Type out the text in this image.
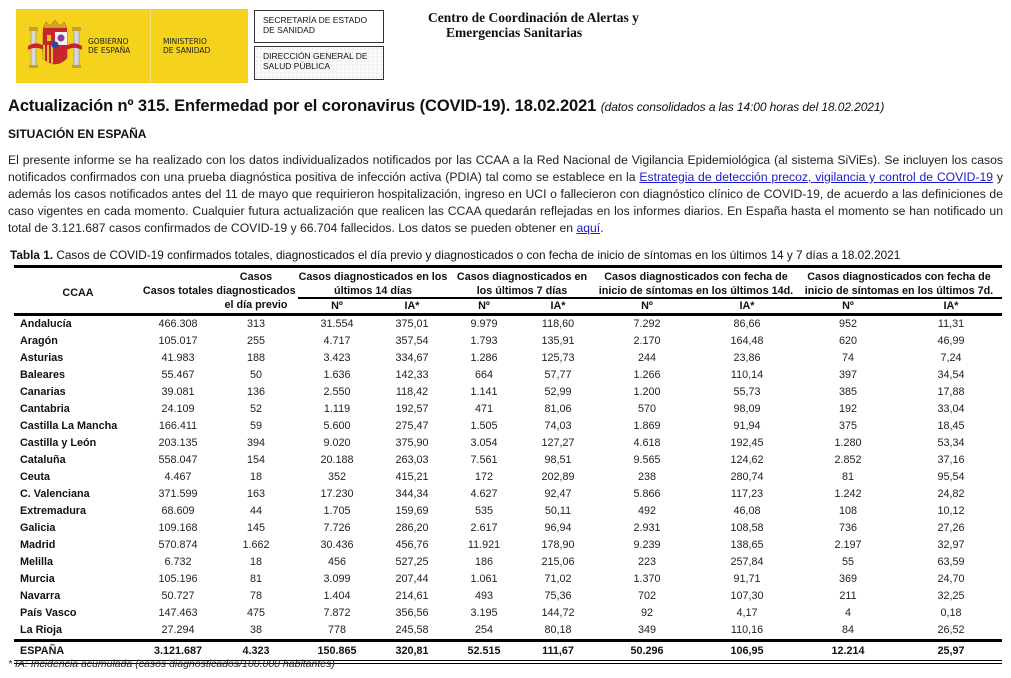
GOBIERNO
DE ESPAÑA
MINISTERIO
DE SANIDAD
SECRETARÍA DE ESTADO
DE SANIDAD
DIRECCIÓN GENERAL DE
SALUD PÚBLICA
Centro de Coordinación de Alertas y
Emergencias Sanitarias
Actualización nº 315. Enfermedad por el coronavirus (COVID-19). 18.02.2021 (datos consolidados a las 14:00 horas del 18.02.2021)
SITUACIÓN EN ESPAÑA
El presente informe se ha realizado con los datos individualizados notificados por las CCAA a la Red Nacional de Vigilancia Epidemiológica (al sistema SiViEs). Se incluyen los casos notificados confirmados con una prueba diagnóstica positiva de infección activa (PDIA) tal como se establece en la Estrategia de detección precoz, vigilancia y control de COVID-19 y además los casos notificados antes del 11 de mayo que requirieron hospitalización, ingreso en UCI o fallecieron con diagnóstico clínico de COVID-19, de acuerdo a las definiciones de caso vigentes en cada momento. Cualquier futura actualización que realicen las CCAA quedarán reflejadas en los informes diarios. En España hasta el momento se han notificado un total de 3.121.687 casos confirmados de COVID-19 y 66.704 fallecidos. Los datos se pueden obtener en aquí.
Tabla 1. Casos de COVID-19 confirmados totales, diagnosticados el día previo y diagnosticados o con fecha de inicio de síntomas en los últimos 14 y 7 días a 18.02.2021
CCAA	Casos totales	Casos diagnosticados el día previo	Casos diagnosticados en los últimos 14 días		Casos diagnosticados en los últimos 7 días		Casos diagnosticados con fecha de inicio de síntomas en los últimos 14d.		Casos diagnosticados con fecha de inicio de síntomas en los últimos 7d.	

			Nº	IA*	Nº	IA*	Nº	IA*	Nº	IA*
Andalucía	466.308	313	31.554	375,01	9.979	118,60	7.292	86,66	952	11,31
Aragón	105.017	255	4.717	357,54	1.793	135,91	2.170	164,48	620	46,99
Asturias	41.983	188	3.423	334,67	1.286	125,73	244	23,86	74	7,24
Baleares	55.467	50	1.636	142,33	664	57,77	1.266	110,14	397	34,54
Canarias	39.081	136	2.550	118,42	1.141	52,99	1.200	55,73	385	17,88
Cantabria	24.109	52	1.119	192,57	471	81,06	570	98,09	192	33,04
Castilla La Mancha	166.411	59	5.600	275,47	1.505	74,03	1.869	91,94	375	18,45
Castilla y León	203.135	394	9.020	375,90	3.054	127,27	4.618	192,45	1.280	53,34
Cataluña	558.047	154	20.188	263,03	7.561	98,51	9.565	124,62	2.852	37,16
Ceuta	4.467	18	352	415,21	172	202,89	238	280,74	81	95,54
C. Valenciana	371.599	163	17.230	344,34	4.627	92,47	5.866	117,23	1.242	24,82
Extremadura	68.609	44	1.705	159,69	535	50,11	492	46,08	108	10,12
Galicia	109.168	145	7.726	286,20	2.617	96,94	2.931	108,58	736	27,26
Madrid	570.874	1.662	30.436	456,76	11.921	178,90	9.239	138,65	2.197	32,97
Melilla	6.732	18	456	527,25	186	215,06	223	257,84	55	63,59
Murcia	105.196	81	3.099	207,44	1.061	71,02	1.370	91,71	369	24,70
Navarra	50.727	78	1.404	214,61	493	75,36	702	107,30	211	32,25
País Vasco	147.463	475	7.872	356,56	3.195	144,72	92	4,17	4	0,18
La Rioja	27.294	38	778	245,58	254	80,18	349	110,16	84	26,52
ESPAÑA	3.121.687	4.323	150.865	320,81	52.515	111,67	50.296	106,95	12.214	25,97
* IA: Incidencia acumulada (casos diagnosticados/100.000 habitantes)
